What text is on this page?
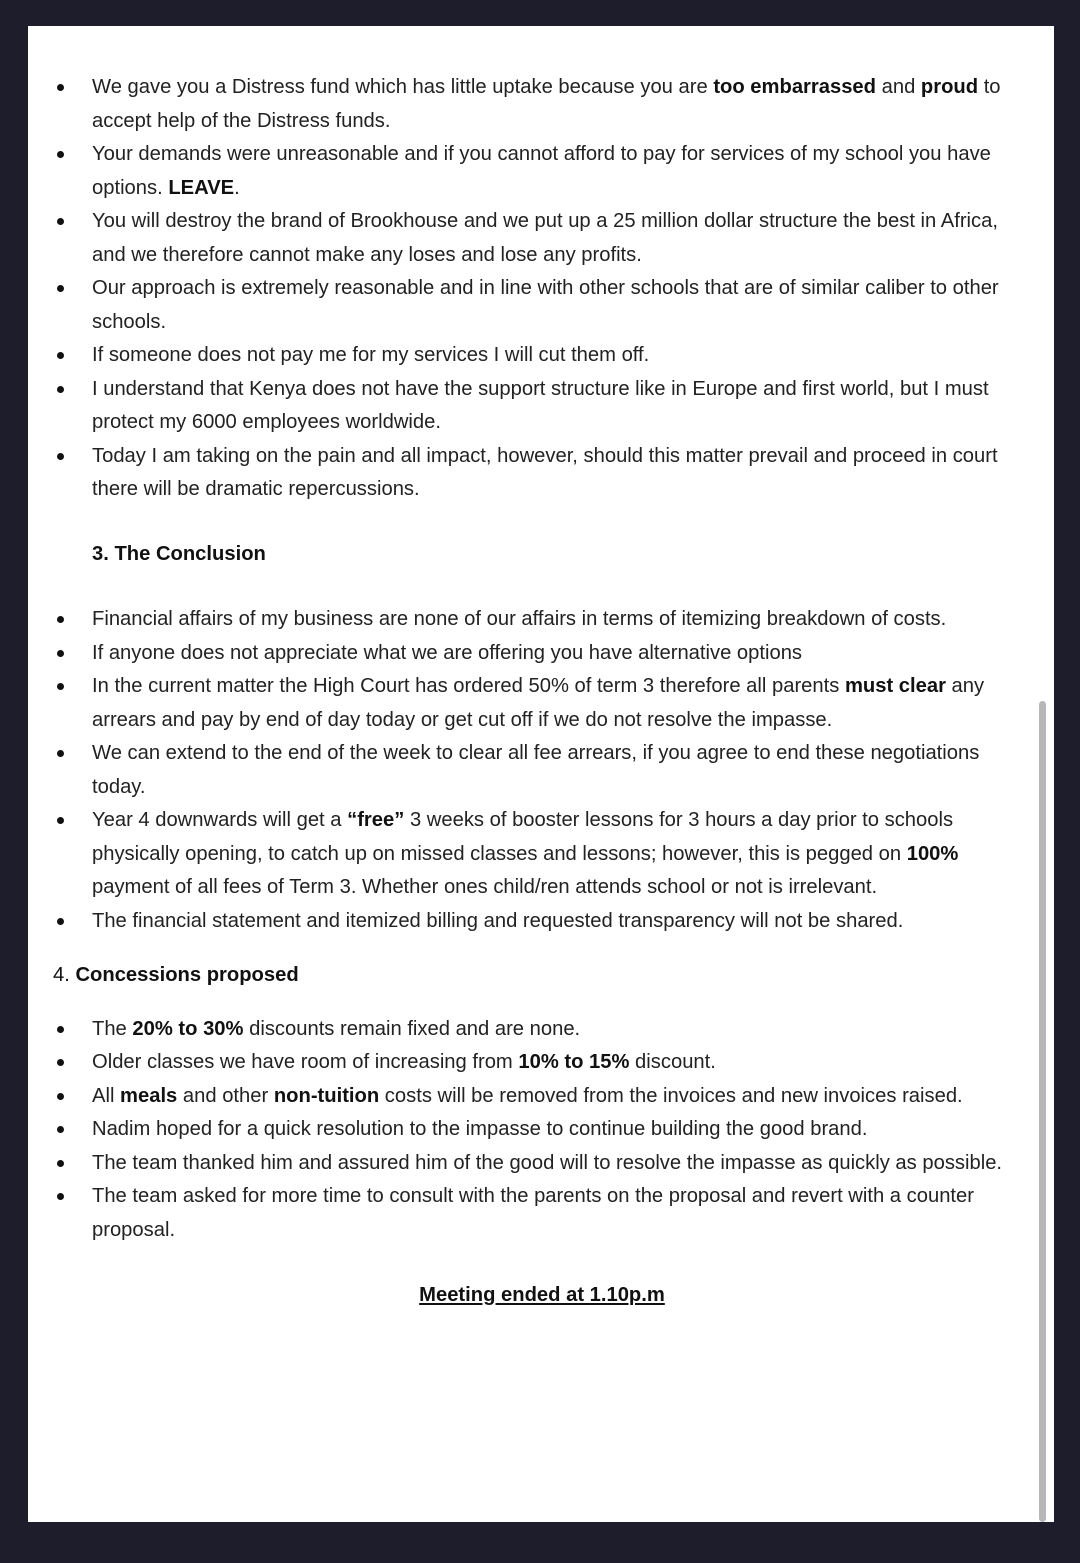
We gave you a Distress fund which has little uptake because you are too embarrassed and proud to accept help of the Distress funds.
Your demands were unreasonable and if you cannot afford to pay for services of my school you have options. LEAVE.
You will destroy the brand of Brookhouse and we put up a 25 million dollar structure the best in Africa, and we therefore cannot make any loses and lose any profits.
Our approach is extremely reasonable and in line with other schools that are of similar caliber to other schools.
If someone does not pay me for my services I will cut them off.
I understand that Kenya does not have the support structure like in Europe and first world, but I must protect my 6000 employees worldwide.
Today I am taking on the pain and all impact, however, should this matter prevail and proceed in court there will be dramatic repercussions.
3. The Conclusion
Financial affairs of my business are none of our affairs in terms of itemizing breakdown of costs.
If anyone does not appreciate what we are offering you have alternative options
In the current matter the High Court has ordered 50% of term 3 therefore all parents must clear any arrears and pay by end of day today or get cut off if we do not resolve the impasse.
We can extend to the end of the week to clear all fee arrears, if you agree to end these negotiations today.
Year 4 downwards will get a “free” 3 weeks of booster lessons for 3 hours a day prior to schools physically opening, to catch up on missed classes and lessons; however, this is pegged on 100% payment of all fees of Term 3. Whether ones child/ren attends school or not is irrelevant.
The financial statement and itemized billing and requested transparency will not be shared.
4. Concessions proposed
The 20% to 30% discounts remain fixed and are none.
Older classes we have room of increasing from 10% to 15% discount.
All meals and other non-tuition costs will be removed from the invoices and new invoices raised.
Nadim hoped for a quick resolution to the impasse to continue building the good brand.
The team thanked him and assured him of the good will to resolve the impasse as quickly as possible.
The team asked for more time to consult with the parents on the proposal and revert with a counter proposal.
Meeting ended at 1.10p.m
